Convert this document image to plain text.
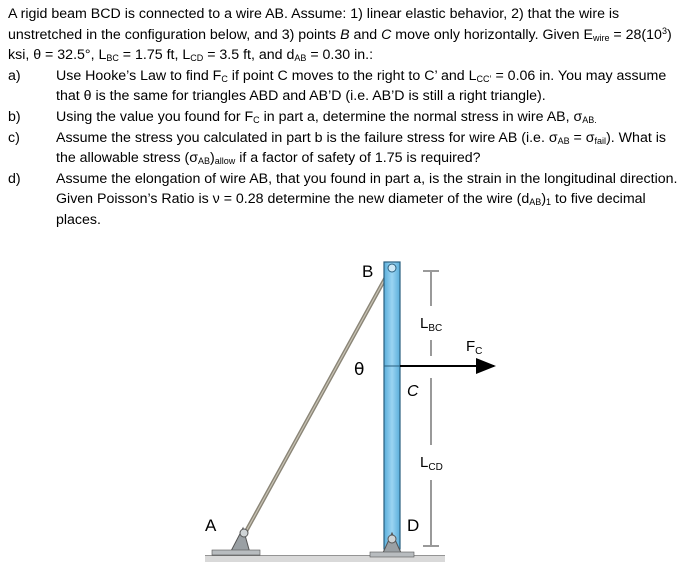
A rigid beam BCD is connected to a wire AB. Assume: 1) linear elastic behavior, 2) that the wire is unstretched in the configuration below, and 3) points B and C move only horizontally. Given $E_{wire} = 28(10^3)$ ksi, θ = 32.5°, $L_{BC} = 1.75$ ft, $L_{CD} = 3.5$ ft, and $d_{AB} = 0.30$ in.:

a)	Use Hooke’s Law to find $F_C$ if point C moves to the right to C’ and $L_{CC’} = 0.06$ in. You may assume that θ is the same for triangles ABD and AB’D (i.e. AB’D is still a right triangle).

b)	Using the value you found for $F_C$ in part a, determine the normal stress in wire AB, $\sigma_{AB.}$

c)	Assume the stress you calculated in part b is the failure stress for wire AB (i.e. $\sigma_{AB} = \sigma_{fail}$). What is the allowable stress $(\sigma_{AB})_{allow}$ if a factor of safety of 1.75 is required?

d)	Assume the elongation of wire AB, that you found in part a, is the strain in the longitudinal direction. Given Poisson’s Ratio is ν = 0.28 determine the new diameter of the wire $(d_{AB})_1$ to five decimal places.

B
C
D
A
θ
$L_{BC}$
$L_{CD}$
$F_C$
